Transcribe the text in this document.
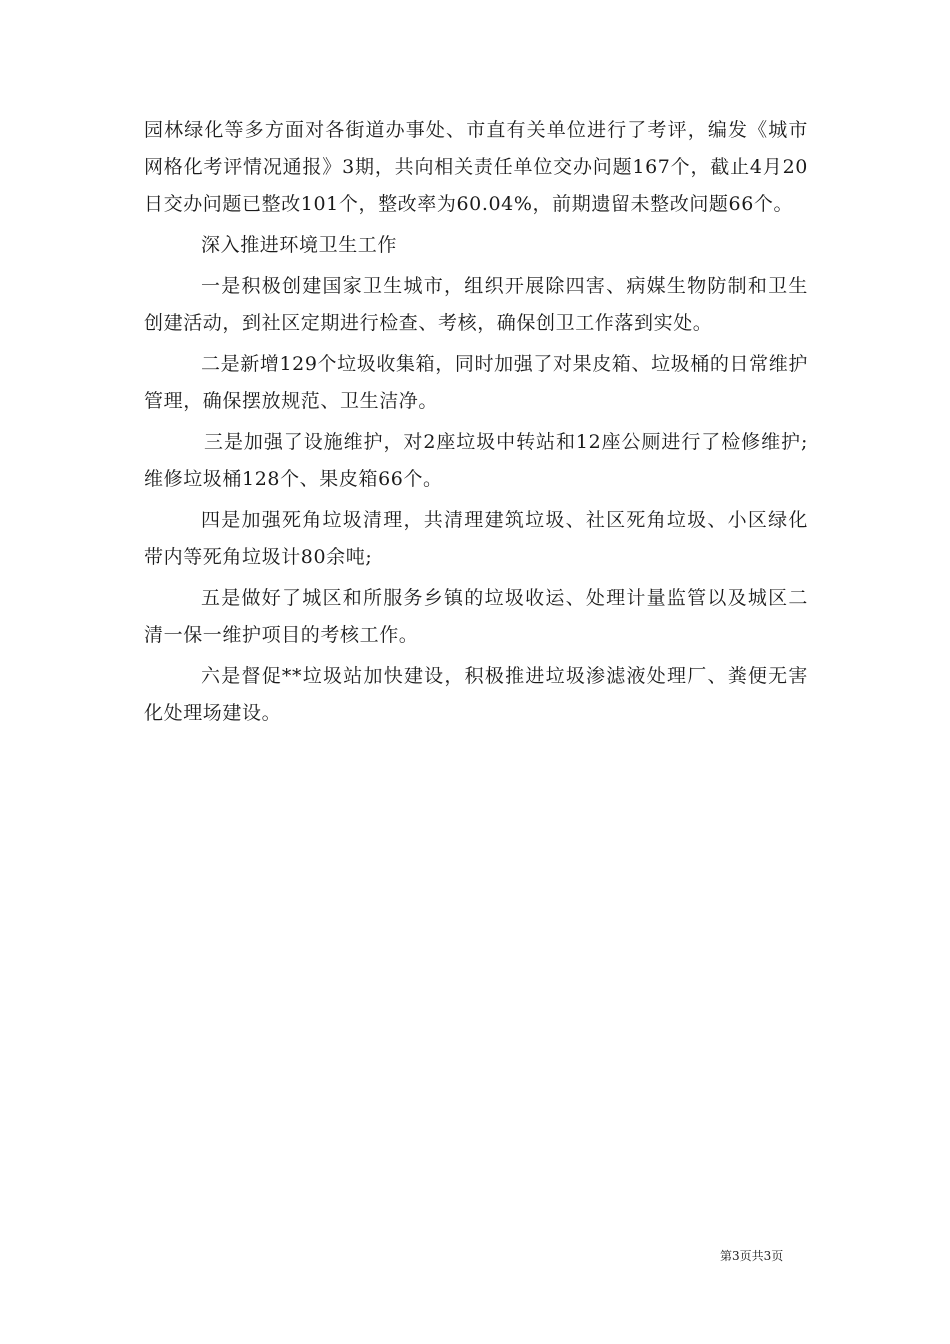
园林绿化等多方面对各街道办事处、市直有关单位进行了考评，编发《城市网格化考评情况通报》3期，共向相关责任单位交办问题167个，截止4月20日交办问题已整改101个，整改率为60.04%，前期遗留未整改问题66个。

深入推进环境卫生工作

一是积极创建国家卫生城市，组织开展除四害、病媒生物防制和卫生创建活动，到社区定期进行检查、考核，确保创卫工作落到实处。

二是新增129个垃圾收集箱，同时加强了对果皮箱、垃圾桶的日常维护管理，确保摆放规范、卫生洁净。

三是加强了设施维护，对2座垃圾中转站和12座公厕进行了检修维护;维修垃圾桶128个、果皮箱66个。

四是加强死角垃圾清理，共清理建筑垃圾、社区死角垃圾、小区绿化带内等死角垃圾计80余吨;

五是做好了城区和所服务乡镇的垃圾收运、处理计量监管以及城区二清一保一维护项目的考核工作。

六是督促**垃圾站加快建设，积极推进垃圾渗滤液处理厂、粪便无害化处理场建设。

第3页共3页
